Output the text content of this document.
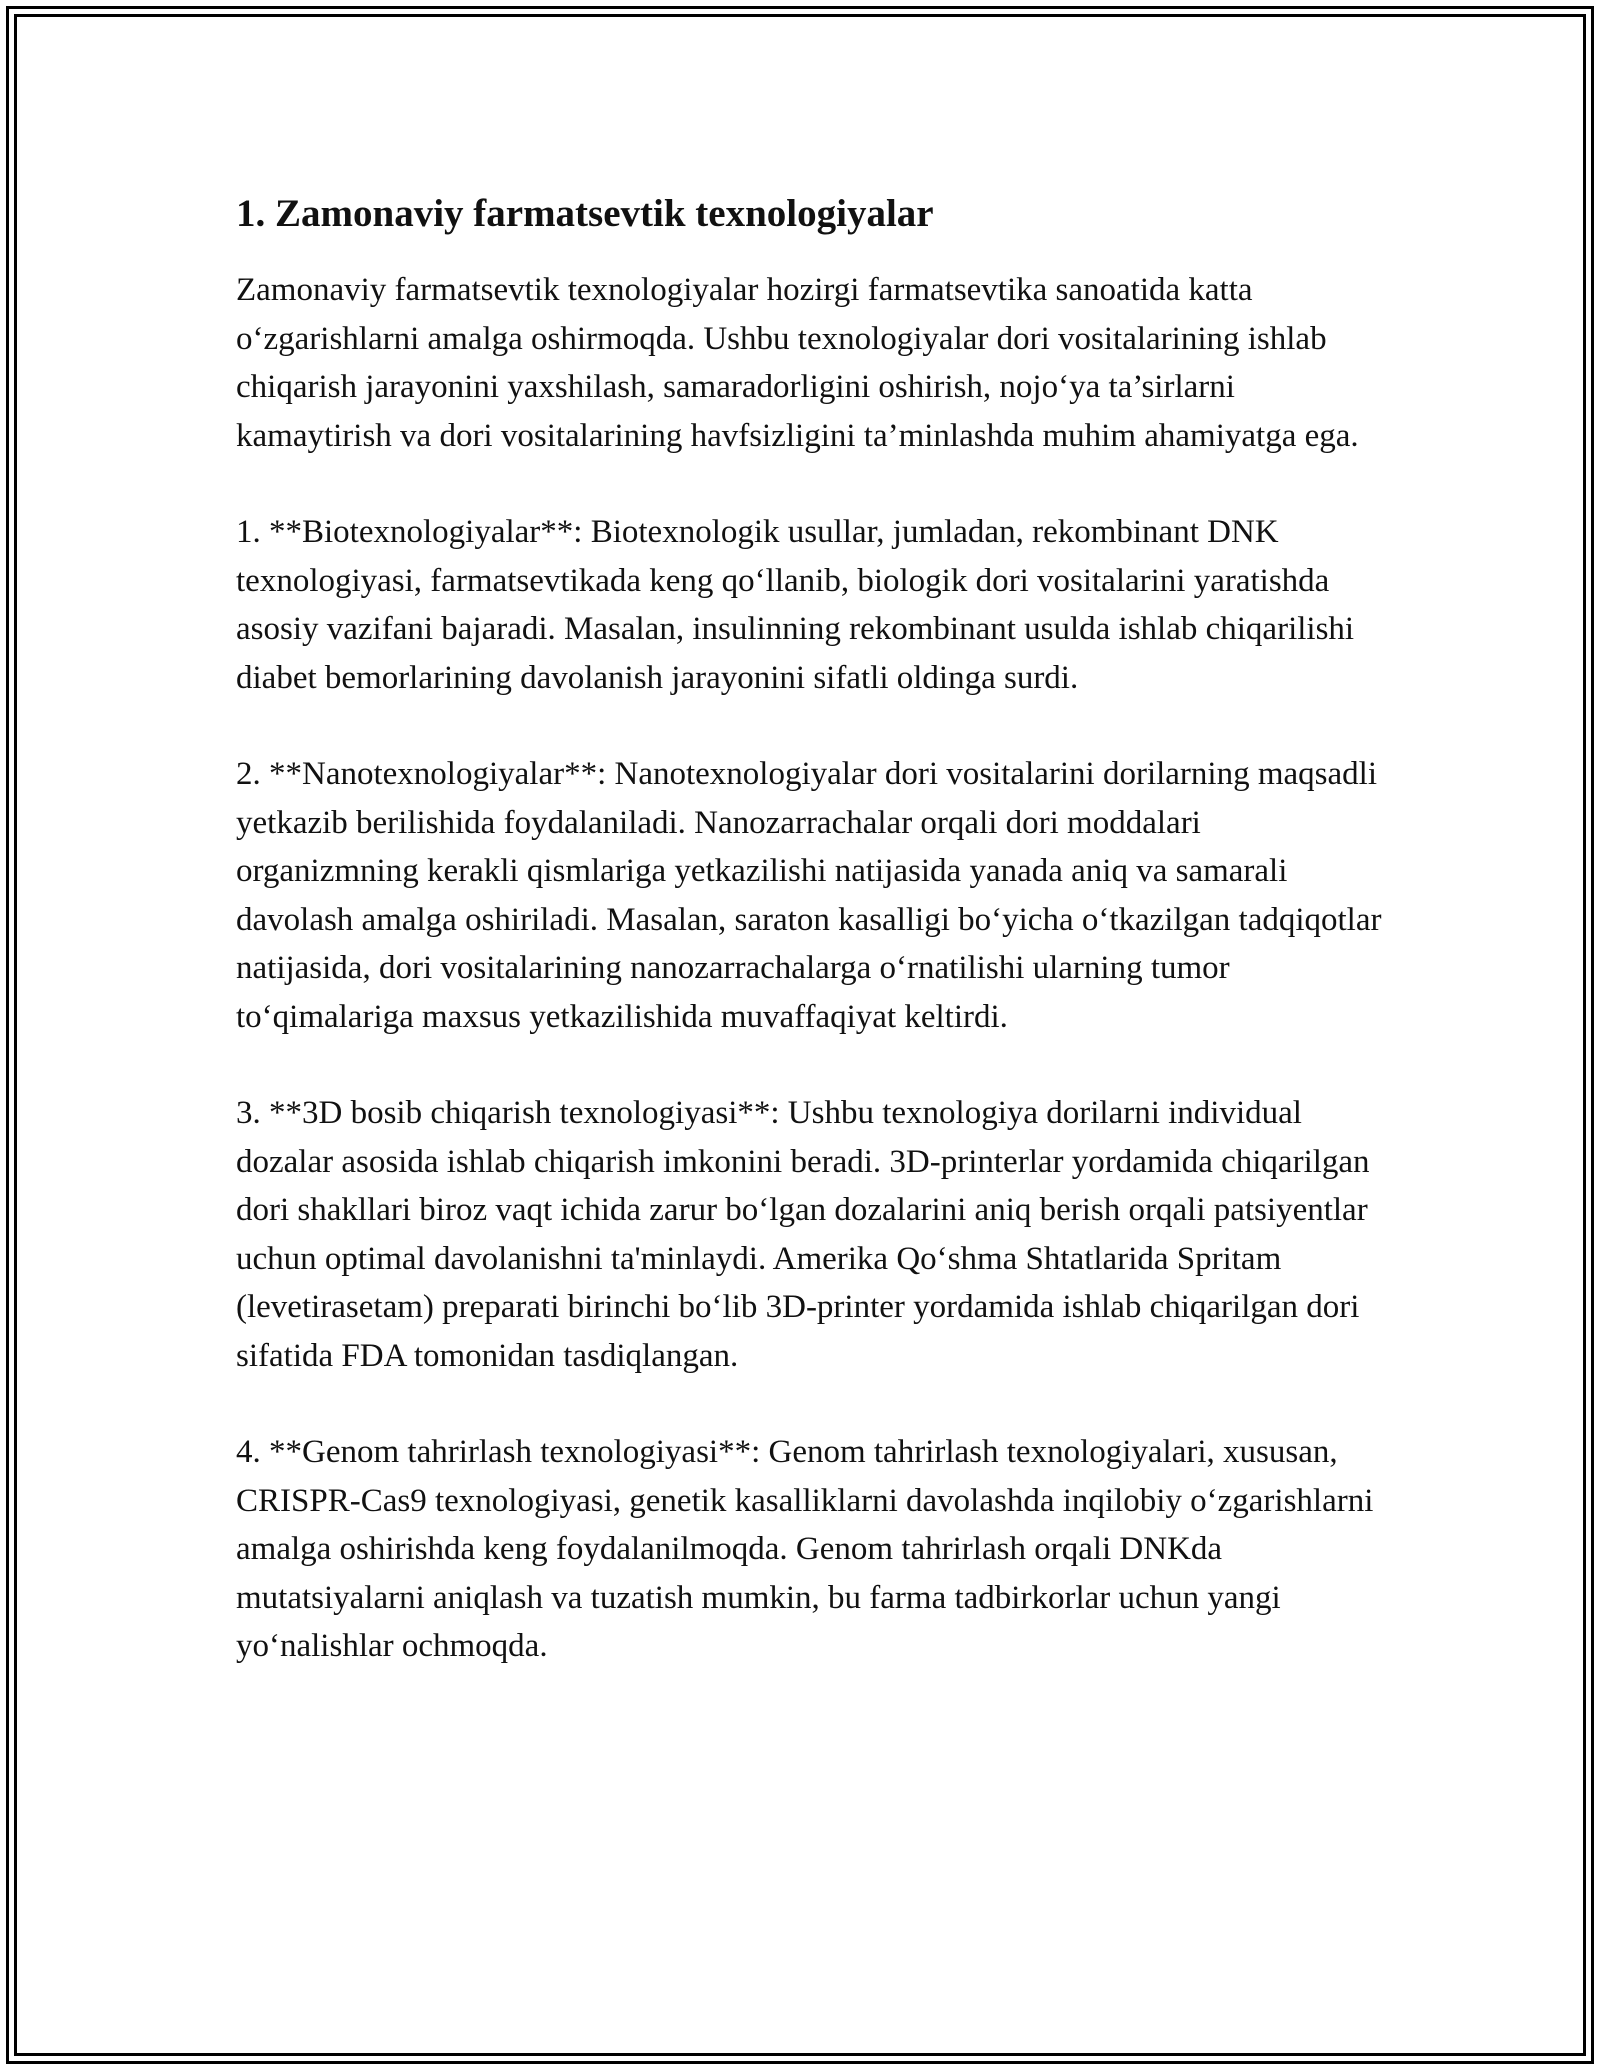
1. Zamonaviy farmatsevtik texnologiyalar

Zamonaviy farmatsevtik texnologiyalar hozirgi farmatsevtika sanoatida katta o‘zgarishlarni amalga oshirmoqda. Ushbu texnologiyalar dori vositalarining ishlab chiqarish jarayonini yaxshilash, samaradorligini oshirish, nojo‘ya ta’sirlarni kamaytirish va dori vositalarining havfsizligini ta’minlashda muhim ahamiyatga ega.

1. **Biotexnologiyalar**: Biotexnologik usullar, jumladan, rekombinant DNK texnologiyasi, farmatsevtikada keng qo‘llanib, biologik dori vositalarini yaratishda asosiy vazifani bajaradi. Masalan, insulinning rekombinant usulda ishlab chiqarilishi diabet bemorlarining davolanish jarayonini sifatli oldinga surdi.

2. **Nanotexnologiyalar**: Nanotexnologiyalar dori vositalarini dorilarning maqsadli yetkazib berilishida foydalaniladi. Nanozarrachalar orqali dori moddalari organizmning kerakli qismlariga yetkazilishi natijasida yanada aniq va samarali davolash amalga oshiriladi. Masalan, saraton kasalligi bo‘yicha o‘tkazilgan tadqiqotlar natijasida, dori vositalarining nanozarrachalarga o‘rnatilishi ularning tumor to‘qimalariga maxsus yetkazilishida muvaffaqiyat keltirdi.

3. **3D bosib chiqarish texnologiyasi**: Ushbu texnologiya dorilarni individual dozalar asosida ishlab chiqarish imkonini beradi. 3D-printerlar yordamida chiqarilgan dori shakllari biroz vaqt ichida zarur bo‘lgan dozalarini aniq berish orqali patsiyentlar uchun optimal davolanishni ta'minlaydi. Amerika Qo‘shma Shtatlarida Spritam (levetirasetam) preparati birinchi bo‘lib 3D-printer yordamida ishlab chiqarilgan dori sifatida FDA tomonidan tasdiqlangan.

4. **Genom tahrirlash texnologiyasi**: Genom tahrirlash texnologiyalari, xususan, CRISPR-Cas9 texnologiyasi, genetik kasalliklarni davolashda inqilobiy o‘zgarishlarni amalga oshirishda keng foydalanilmoqda. Genom tahrirlash orqali DNKda mutatsiyalarni aniqlash va tuzatish mumkin, bu farma tadbirkorlar uchun yangi yo‘nalishlar ochmoqda.
